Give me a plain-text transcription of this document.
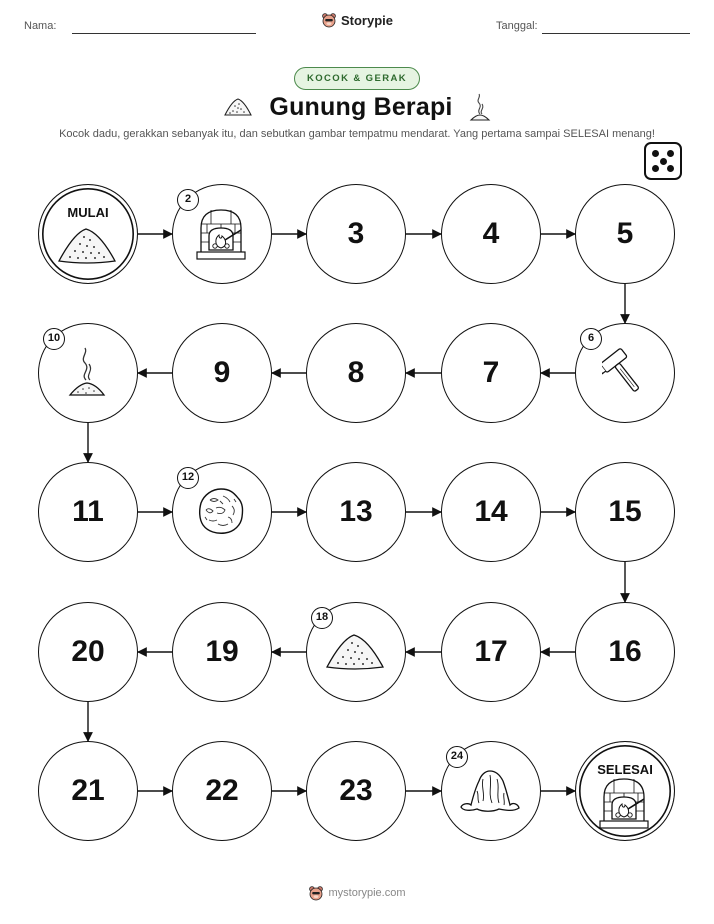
Nama:	Storypie	Tanggal:
KOCOK & GERAK
Gunung Berapi
Kocok dadu, gerakkan sebanyak itu, dan sebutkan gambar tempatmu mendarat. Yang pertama sampai SELESAI menang!
MULAI
2
3	4	5
6
7
8
9
10
11
12
13	14	15
16
17
18
19
20
21	22	23
24
SELESAI
mystorypie.com
